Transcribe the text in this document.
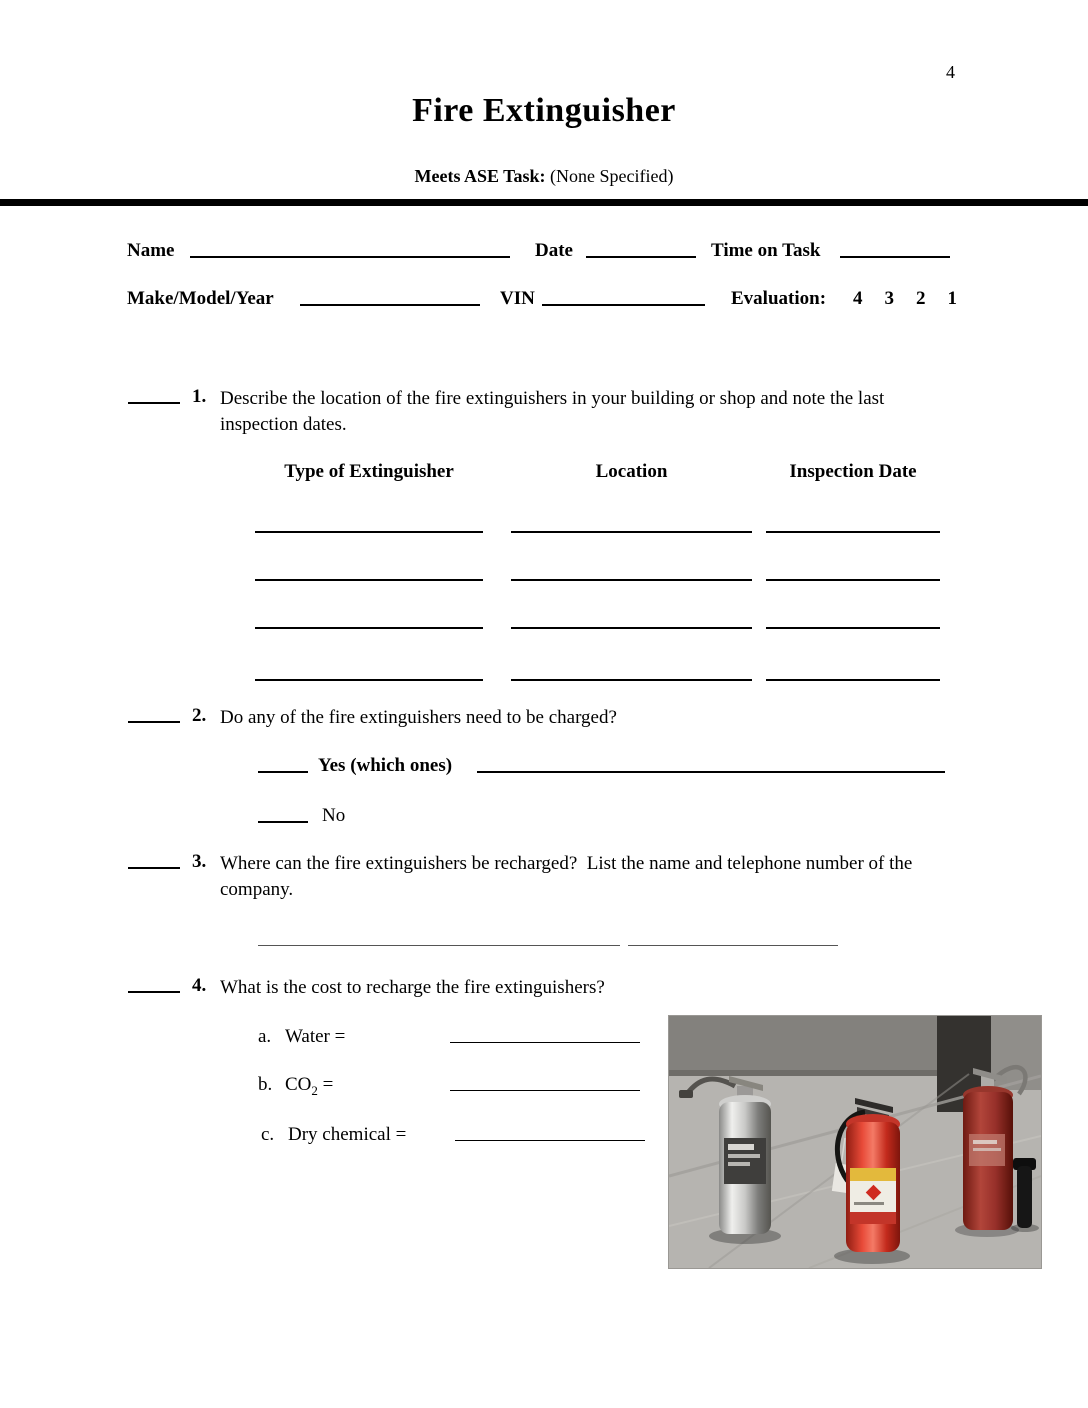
4
Fire Extinguisher
Meets ASE Task: (None Specified)
Name	Date	Time on Task
Make/Model/Year	VIN	Evaluation: 4 3 2 1
1. Describe the location of the fire extinguishers in your building or shop and note the last inspection dates.
Type of Extinguisher	Location	Inspection Date
2. Do any of the fire extinguishers need to be charged?
Yes (which ones)
No
3. Where can the fire extinguishers be recharged?  List the name and telephone number of the company.
4. What is the cost to recharge the fire extinguishers?
a. Water =
b. $CO_2$ =
c. Dry chemical =
